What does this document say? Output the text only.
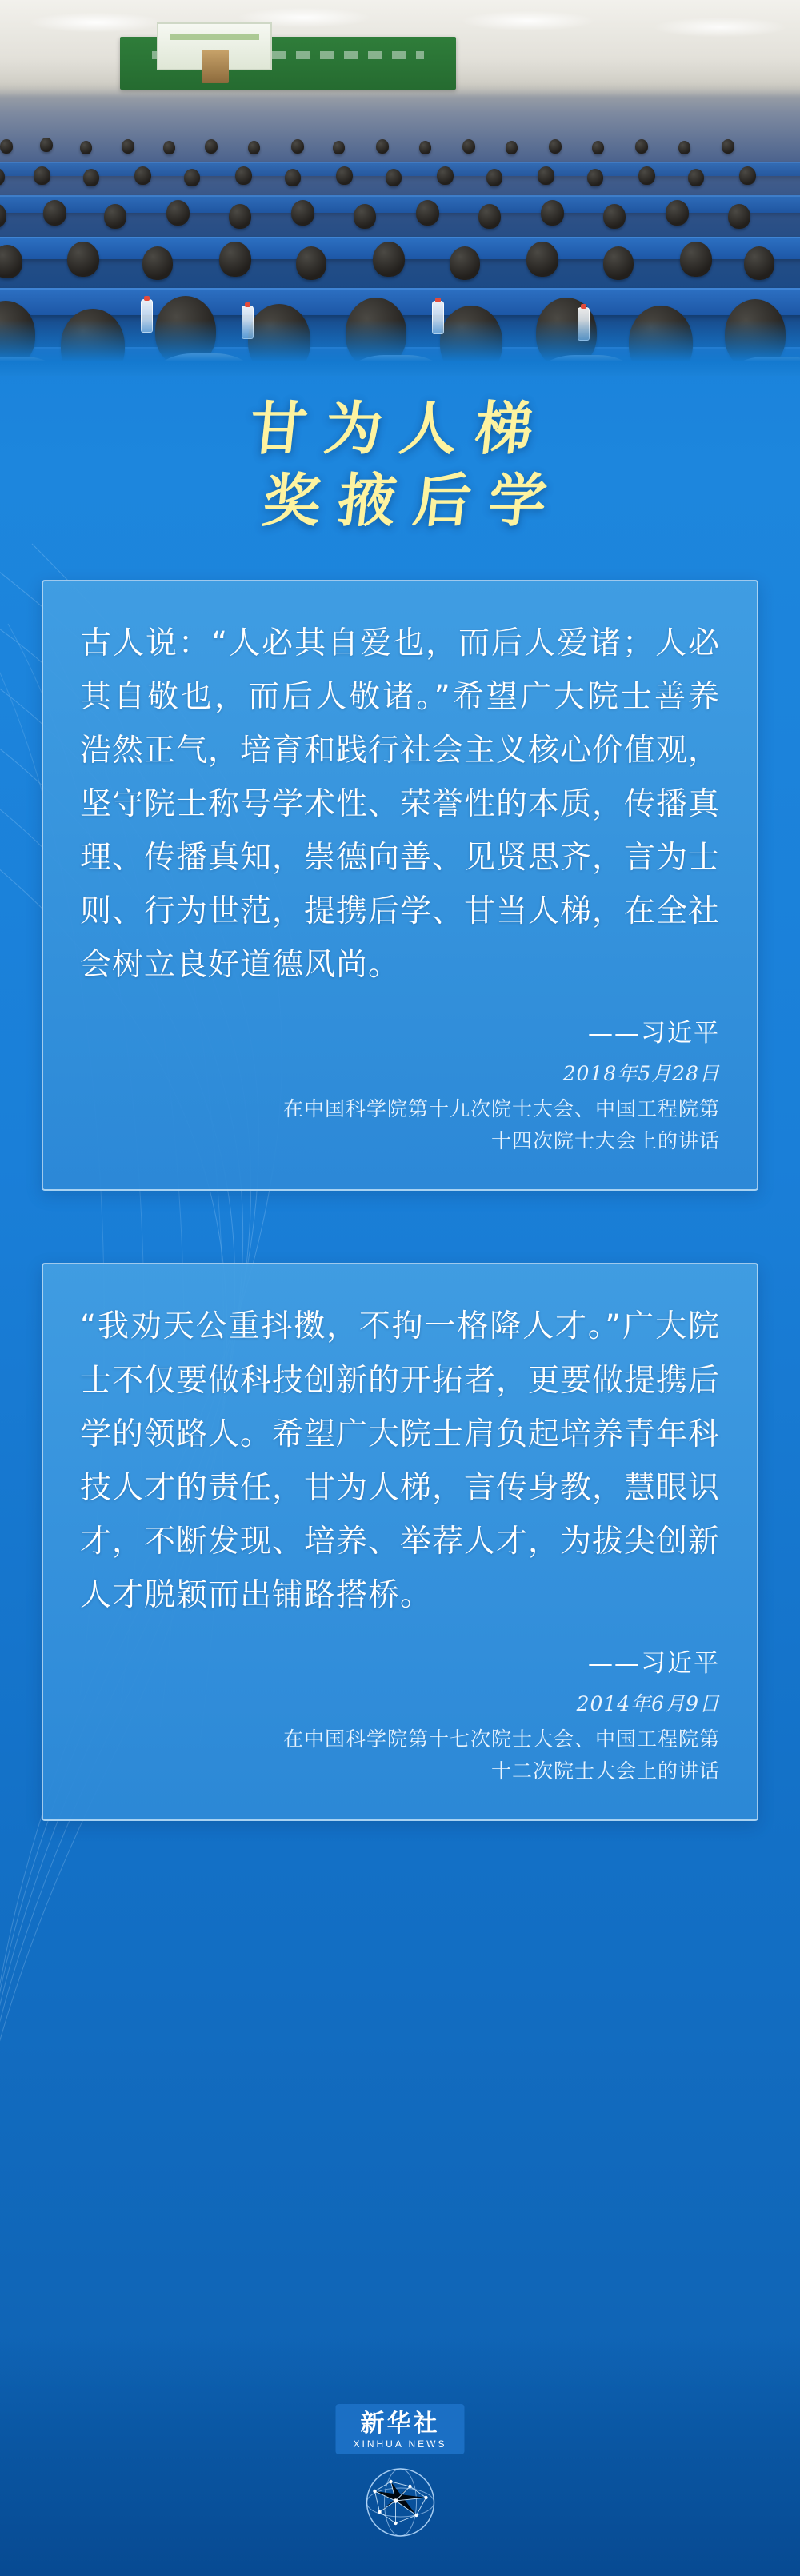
甘为人梯
奖掖后学
古人说：“人必其自爱也，而后人爱诸；人必其自敬也，而后人敬诸。”希望广大院士善养浩然正气，培育和践行社会主义核心价值观，坚守院士称号学术性、荣誉性的本质，传播真理、传播真知，崇德向善、见贤思齐，言为士则、行为世范，提携后学、甘当人梯，在全社会树立良好道德风尚。
——习近平
2018年5月28日
在中国科学院第十九次院士大会、中国工程院第
十四次院士大会上的讲话
“我劝天公重抖擞，不拘一格降人才。”广大院士不仅要做科技创新的开拓者，更要做提携后学的领路人。希望广大院士肩负起培养青年科技人才的责任，甘为人梯，言传身教，慧眼识才，不断发现、培养、举荐人才，为拔尖创新人才脱颖而出铺路搭桥。
——习近平
2014年6月9日
在中国科学院第十七次院士大会、中国工程院第
十二次院士大会上的讲话
新华社
XINHUA NEWS
